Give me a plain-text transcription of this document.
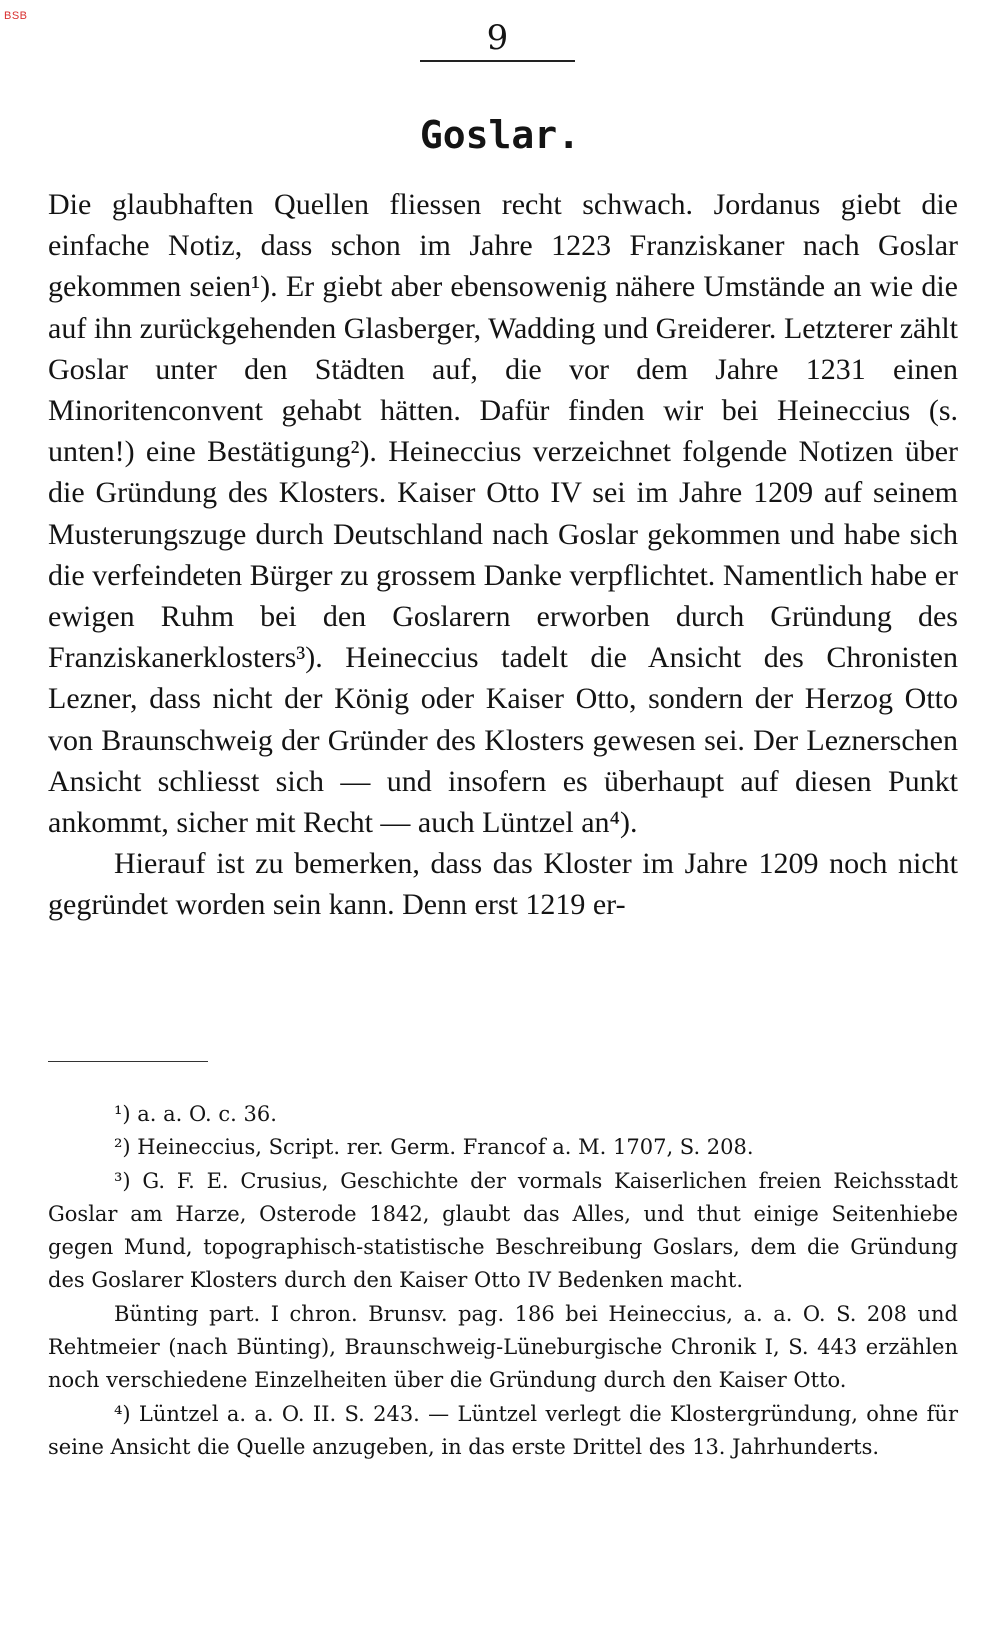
BSB
9
Goslar.

Die glaubhaften Quellen fliessen recht schwach. Jordanus giebt die einfache Notiz, dass schon im Jahre 1223 Franziskaner nach Goslar gekommen seien¹). Er giebt aber ebensowenig nähere Umstände an wie die auf ihn zurückgehenden Glasberger, Wadding und Greiderer. Letzterer zählt Goslar unter den Städten auf, die vor dem Jahre 1231 einen Minoritenconvent gehabt hätten. Dafür finden wir bei Heineccius (s. unten!) eine Bestätigung²). Heineccius verzeichnet folgende Notizen über die Gründung des Klosters. Kaiser Otto IV sei im Jahre 1209 auf seinem Musterungszuge durch Deutschland nach Goslar gekommen und habe sich die verfeindeten Bürger zu grossem Danke verpflichtet. Namentlich habe er ewigen Ruhm bei den Goslarern erworben durch Gründung des Franziskanerklosters³). Heineccius tadelt die Ansicht des Chronisten Lezner, dass nicht der König oder Kaiser Otto, sondern der Herzog Otto von Braunschweig der Gründer des Klosters gewesen sei. Der Leznerschen Ansicht schliesst sich — und insofern es überhaupt auf diesen Punkt ankommt, sicher mit Recht — auch Lüntzel an⁴).

Hierauf ist zu bemerken, dass das Kloster im Jahre 1209 noch nicht gegründet worden sein kann. Denn erst 1219 er-

¹) a. a. O. c. 36.

²) Heineccius, Script. rer. Germ. Francof a. M. 1707, S. 208.

³) G. F. E. Crusius, Geschichte der vormals Kaiserlichen freien Reichsstadt Goslar am Harze, Osterode 1842, glaubt das Alles, und thut einige Seitenhiebe gegen Mund, topographisch-statistische Beschreibung Goslars, dem die Gründung des Goslarer Klosters durch den Kaiser Otto IV Bedenken macht.

Bünting part. I chron. Brunsv. pag. 186 bei Heineccius, a. a. O. S. 208 und Rehtmeier (nach Bünting), Braunschweig-Lüneburgische Chronik I, S. 443 erzählen noch verschiedene Einzelheiten über die Gründung durch den Kaiser Otto.

⁴) Lüntzel a. a. O. II. S. 243. — Lüntzel verlegt die Klostergründung, ohne für seine Ansicht die Quelle anzugeben, in das erste Drittel des 13. Jahrhunderts.
